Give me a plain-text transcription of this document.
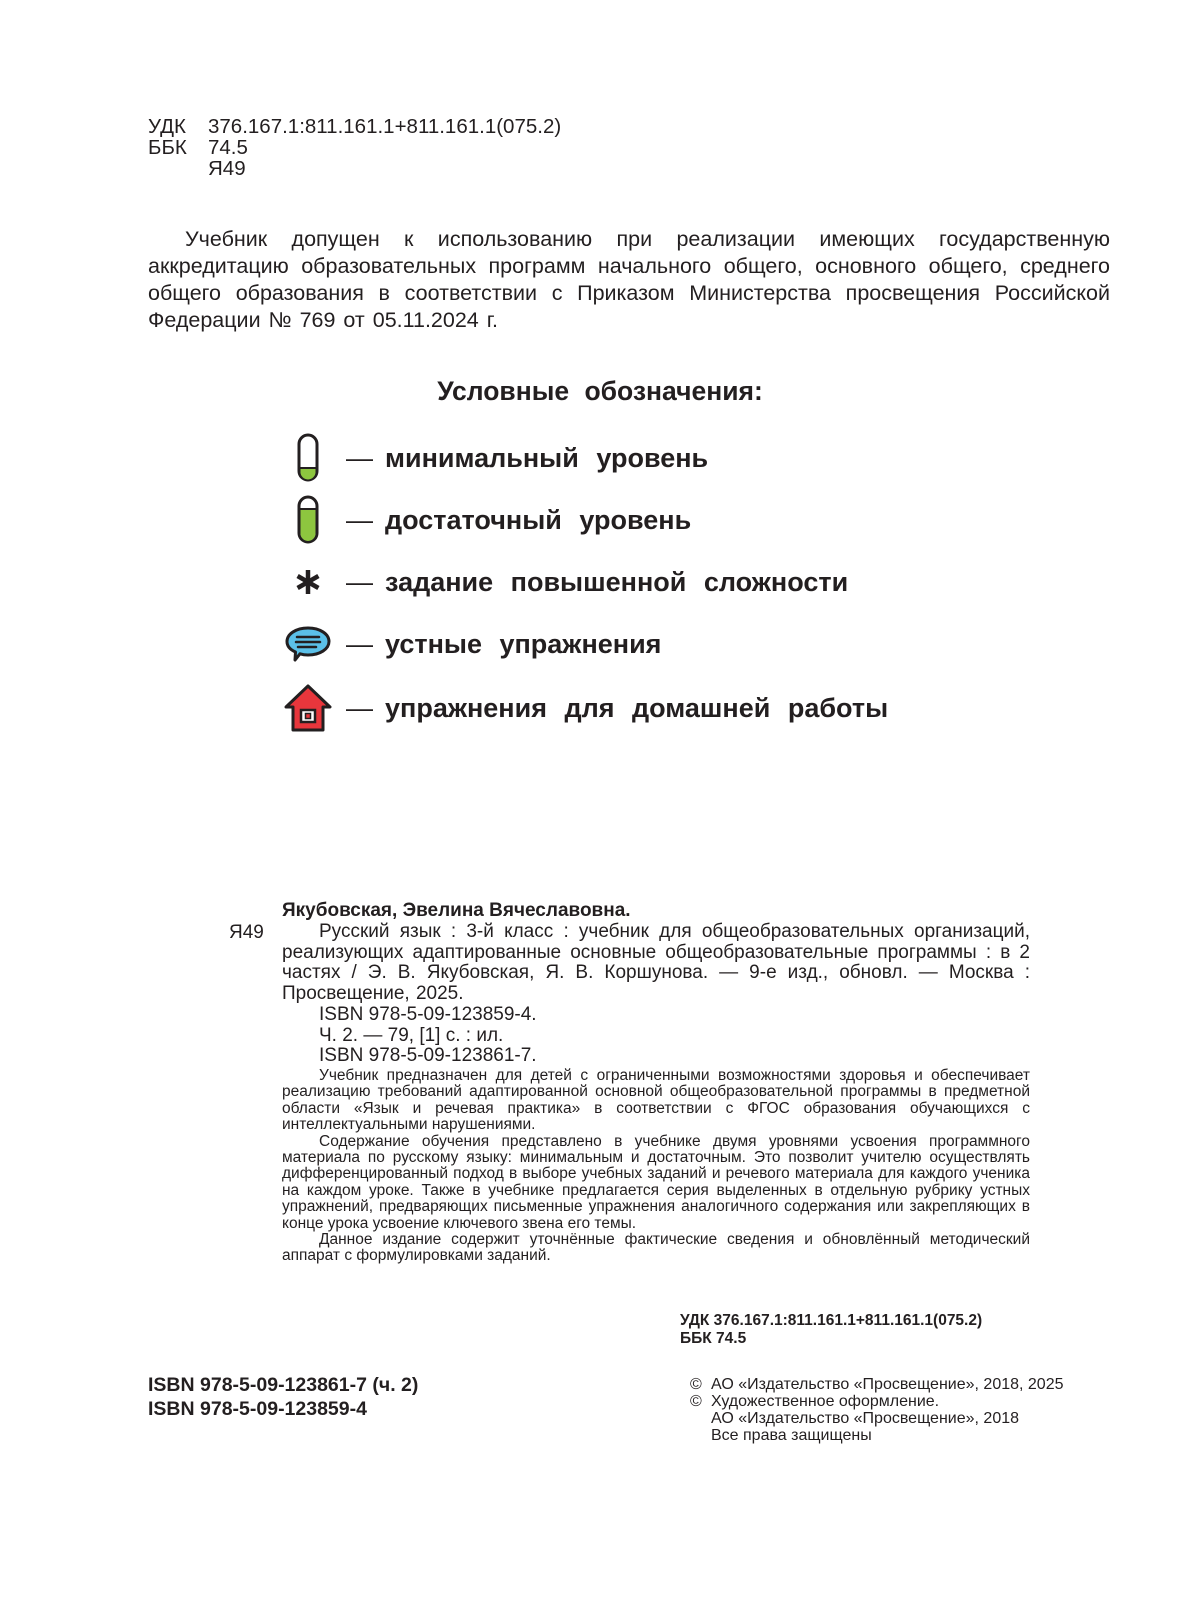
УДК	376.167.1:811.161.1+811.161.1(075.2)
ББК	74.5
Я49

Учебник допущен к использованию при реализации имеющих государственную аккредитацию образовательных программ начального общего, основного общего, среднего общего образования в соответствии с Приказом Министерства просвещения Российской Федерации № 769 от 05.11.2024 г.

Условные обозначения:
—
минимальный уровень
—
достаточный уровень
—
задание повышенной сложности
—
устные упражнения
—
упражнения для домашней работы
Якубовская, Эвелина Вячеславовна.
Я49	Русский язык : 3-й класс : учебник для общеобразовательных организаций, реализующих адаптированные основные общеобразовательные программы : в 2 частях / Э. В. Якубовская, Я. В. Коршунова. — 9-е изд., обновл. — Москва : Просвещение, 2025.

ISBN 978-5-09-123859-4.
Ч. 2. — 79, [1] с. : ил.
ISBN 978-5-09-123861-7.

Учебник предназначен для детей с ограниченными возможностями здоровья и обеспечивает реализацию требований адаптированной основной общеобразовательной программы в предметной области «Язык и речевая практика» в соответствии с ФГОС образования обучающихся с интеллектуальными нарушениями.

Содержание обучения представлено в учебнике двумя уровнями усвоения программного материала по русскому языку: минимальным и достаточным. Это позволит учителю осуществлять дифференцированный подход в выборе учебных заданий и речевого материала для каждого ученика на каждом уроке. Также в учебнике предлагается серия выделенных в отдельную рубрику устных упражнений, предваряющих письменные упражнения аналогичного содержания или закрепляющих в конце урока усвоение ключевого звена его темы.

Данное издание содержит уточнённые фактические сведения и обновлённый методический аппарат с формулировками заданий.

УДК 376.167.1:811.161.1+811.161.1(075.2)
ББК 74.5
ISBN 978-5-09-123861-7 (ч. 2)
ISBN 978-5-09-123859-4
© АО «Издательство «Просвещение», 2018, 2025
© Художественное оформление.
АО «Издательство «Просвещение», 2018
Все права защищены
